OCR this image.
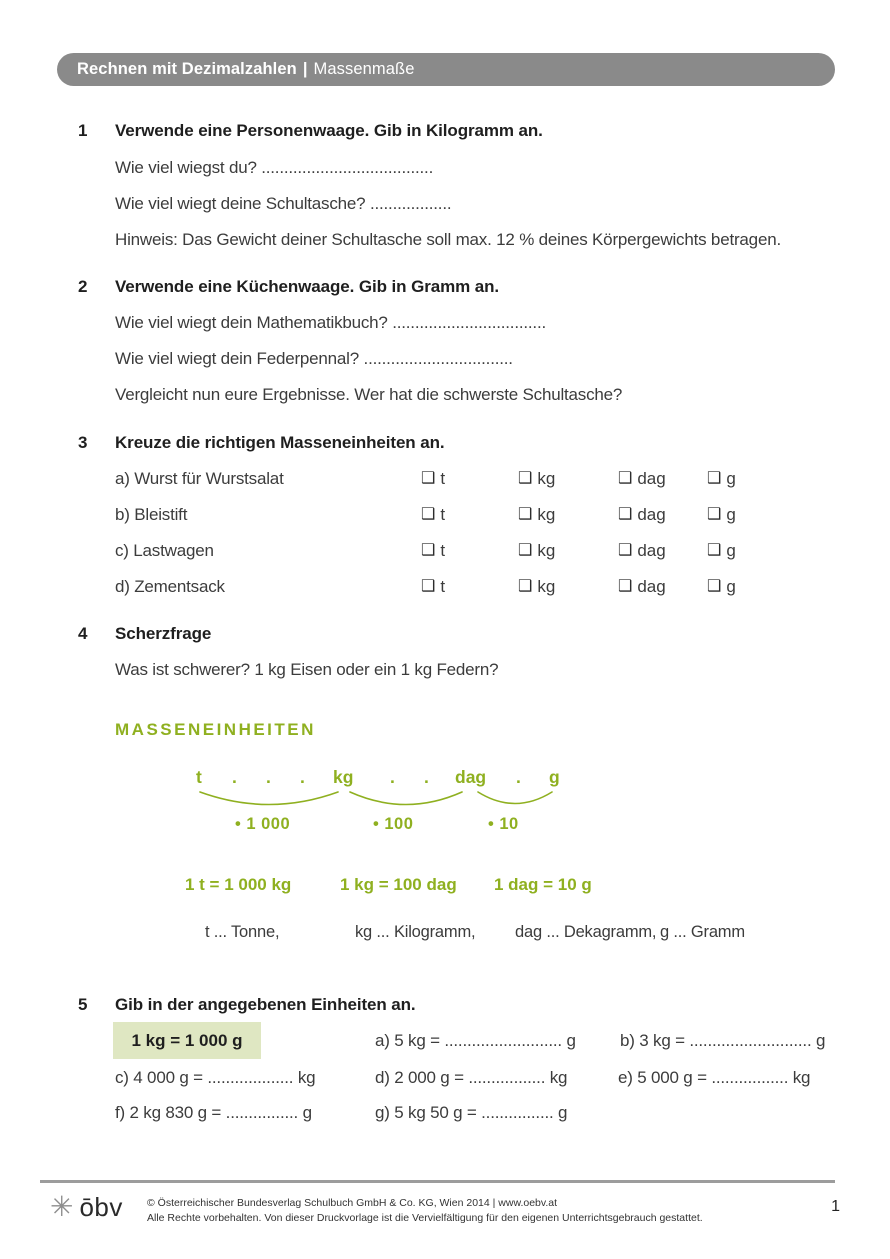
Rechnen mit Dezimalzahlen | Massenmaße
1 Verwende eine Personenwaage. Gib in Kilogramm an.
Wie viel wiegst du? ......................................
Wie viel wiegt deine Schultasche? ..................
Hinweis: Das Gewicht deiner Schultasche soll max. 12 % deines Körpergewichts betragen.
2 Verwende eine Küchenwaage. Gib in Gramm an.
Wie viel wiegt dein Mathematikbuch? ..................................
Wie viel wiegt dein Federpennal? .................................
Vergleicht nun eure Ergebnisse. Wer hat die schwerste Schultasche?
3 Kreuze die richtigen Masseneinheiten an.
a) Wurst für Wurstsalat	❑ t	❑ kg	❑ dag	❑ g
b) Bleistift	❑ t	❑ kg	❑ dag	❑ g
c) Lastwagen	❑ t	❑ kg	❑ dag	❑ g
d) Zementsack	❑ t	❑ kg	❑ dag	❑ g
4 Scherzfrage
Was ist schwerer? 1 kg Eisen oder ein 1 kg Federn?
MASSENEINHEITEN
t . . . kg . . dag . g
• 1 000	• 100	• 10
1 t = 1 000 kg	1 kg = 100 dag 1 dag = 10 g
t ... Tonne,	kg ... Kilogramm, dag ... Dekagramm, g ... Gramm
5 Gib in der angegebenen Einheiten an.
1 kg = 1 000 g	a) 5 kg = .......................... g	b) 3 kg = ........................... g
c) 4 000 g = ................... kg	d) 2 000 g = ................. kg	e) 5 000 g = ................. kg
f) 2 kg 830 g = ................ g	g) 5 kg 50 g = ................ g
✳ ōbv © Österreichischer Bundesverlag Schulbuch GmbH & Co. KG, Wien 2014 | www.oebv.at
Alle Rechte vorbehalten. Von dieser Druckvorlage ist die Vervielfältigung für den eigenen Unterrichtsgebrauch gestattet.
1
